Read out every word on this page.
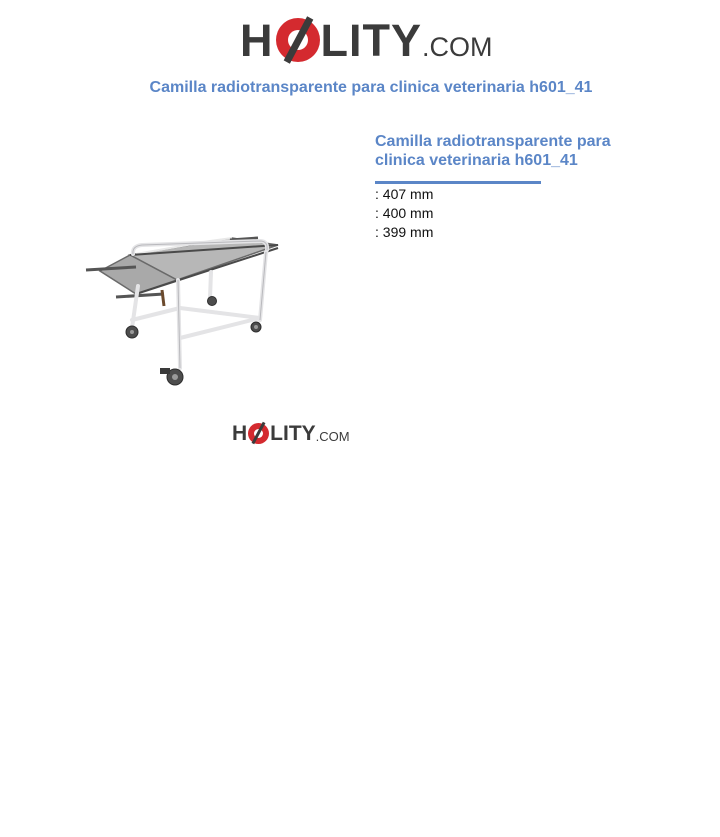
H LITY .COM
Camilla radiotransparente para clinica veterinaria h601_41
H LITY .COM
Camilla radiotransparente para clinica veterinaria h601_41
: 407 mm
: 400 mm
: 399 mm
